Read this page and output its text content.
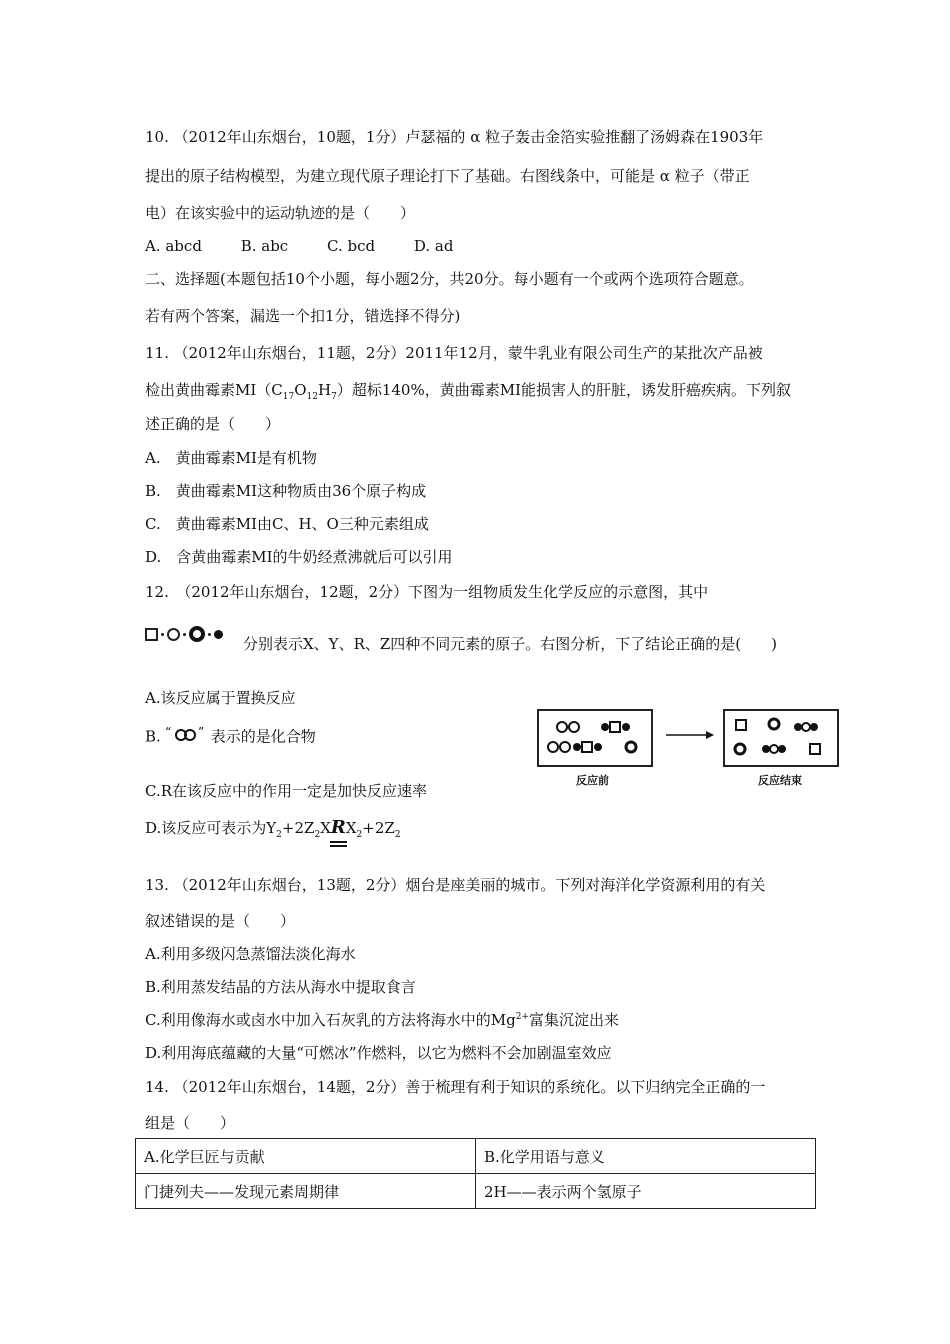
10. （2012年山东烟台，10题，1分）卢瑟福的 α 粒子轰击金箔实验推翻了汤姆森在1903年
提出的原子结构模型，为建立现代原子理论打下了基础。右图线条中，可能是 α 粒子（带正
电）在该实验中的运动轨迹的是（　　）
A. abcd	B. abc	C. bcd	D. ad
二、选择题(本题包括10个小题，每小题2分，共20分。每小题有一个或两个选项符合题意。
若有两个答案，漏选一个扣1分，错选择不得分)
11. （2012年山东烟台，11题，2分）2011年12月，蒙牛乳业有限公司生产的某批次产品被
检出黄曲霉素$MI(C_{17}O_{12}H_7)$超标140%，黄曲霉素MI能损害人的肝脏，诱发肝癌疾病。下列叙
述正确的是（　　）
A.　黄曲霉素MI是有机物
B.　黄曲霉素MI这种物质由36个原子构成
C.　黄曲霉素MI由C、H、O三种元素组成
D.　含黄曲霉素MI的牛奶经煮沸就后可以引用
12.　（2012年山东烟台，12题，2分）下图为一组物质发生化学反应的示意图，其中
分别表示X、Y、R、Z四种不同元素的原子。右图分析，下了结论正确的是(　　)
A.该反应属于置换反应
B. “ ” 表示的是化合物
C.R在该反应中的作用一定是加快反应速率
D.该反应可表示为$Y_2+2Z_2XRX_2+2Z_2$
反应前	反应结束
13. （2012年山东烟台，13题，2分）烟台是座美丽的城市。下列对海洋化学资源利用的有关
叙述错误的是（　　）
A.利用多级闪急蒸馏法淡化海水
B.利用蒸发结晶的方法从海水中提取食言
C.利用像海水或卤水中加入石灰乳的方法将海水中的$Mg^{2+}$富集沉淀出来
D.利用海底蕴藏的大量“可燃冰”作燃料，以它为燃料不会加剧温室效应
14. （2012年山东烟台，14题，2分）善于梳理有利于知识的系统化。以下归纳完全正确的一
组是（　　）
A.化学巨匠与贡献	B.化学用语与意义
门捷列夫——发现元素周期律	2H——表示两个氢原子
